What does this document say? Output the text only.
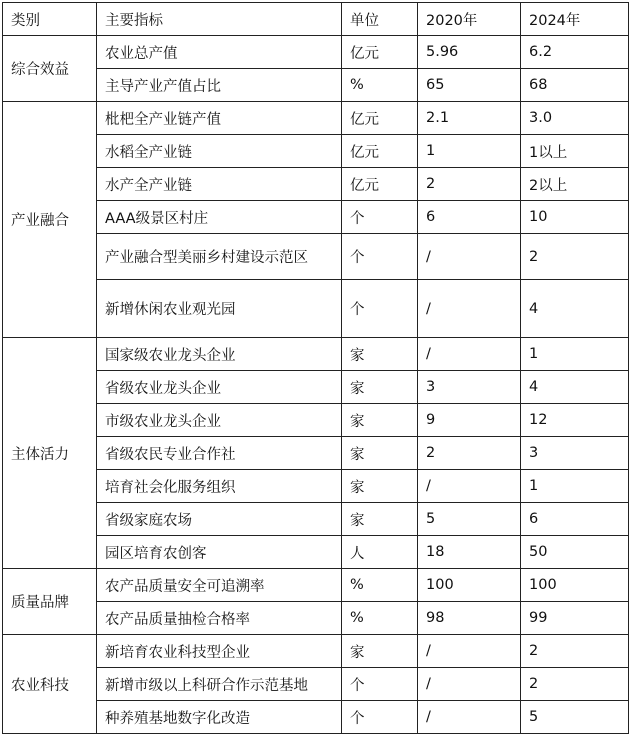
类别	主要指标	单位	2020年	2024年
综合效益	农业总产值	亿元	5.96	6.2
	主导产业产值占比	%	65	68
产业融合	枇杷全产业链产值	亿元	2.1	3.0
	水稻全产业链	亿元	1	1以上
	水产全产业链	亿元	2	2以上
	AAA级景区村庄	个	6	10
	产业融合型美丽乡村建设示范区	个	/	2
	新增休闲农业观光园	个	/	4
主体活力	国家级农业龙头企业	家	/	1
	省级农业龙头企业	家	3	4
	市级农业龙头企业	家	9	12
	省级农民专业合作社	家	2	3
	培育社会化服务组织	家	/	1
	省级家庭农场	家	5	6
	园区培育农创客	人	18	50
质量品牌	农产品质量安全可追溯率	%	100	100
	农产品质量抽检合格率	%	98	99
农业科技	新培育农业科技型企业	家	/	2
	新增市级以上科研合作示范基地	个	/	2
	种养殖基地数字化改造	个	/	5
